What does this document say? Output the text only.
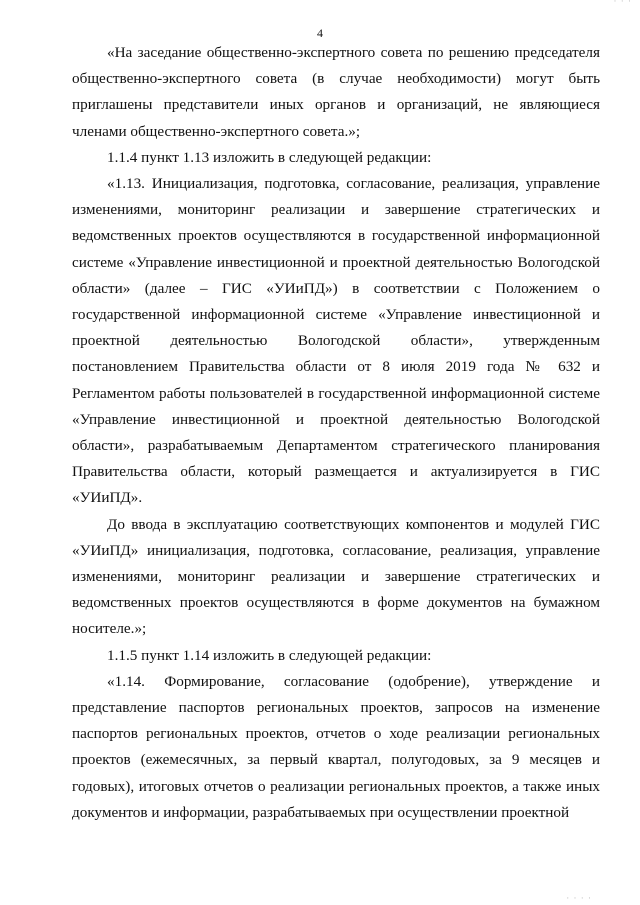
· · ·
4

«На заседание общественно-экспертного совета по решению председателя общественно-экспертного совета (в случае необходимости) могут быть приглашены представители иных органов и организаций, не являющиеся членами общественно-экспертного совета.»;

1.1.4 пункт 1.13 изложить в следующей редакции:

«1.13. Инициализация, подготовка, согласование, реализация, управление изменениями, мониторинг реализации и завершение стратегических и ведомственных проектов осуществляются в государственной информационной системе «Управление инвестиционной и проектной деятельностью Вологодской области» (далее – ГИС «УИиПД») в соответствии с Положением о государственной информационной системе «Управление инвестиционной и проектной деятельностью Вологодской области», утвержденным постановлением Правительства области от 8 июля 2019 года № 632 и Регламентом работы пользователей в государственной информационной системе «Управление инвестиционной и проектной деятельностью Вологодской области», разрабатываемым Департаментом стратегического планирования Правительства области, который размещается и актуализируется в ГИС «УИиПД».

До ввода в эксплуатацию соответствующих компонентов и модулей ГИС «УИиПД» инициализация, подготовка, согласование, реализация, управление изменениями, мониторинг реализации и завершение стратегических и ведомственных проектов осуществляются в форме документов на бумажном носителе.»;

1.1.5 пункт 1.14 изложить в следующей редакции:

«1.14. Формирование, согласование (одобрение), утверждение и представление паспортов региональных проектов, запросов на изменение паспортов региональных проектов, отчетов о ходе реализации региональных проектов (ежемесячных, за первый квартал, полугодовых, за 9 месяцев и годовых), итоговых отчетов о реализации региональных проектов, а также иных документов и информации, разрабатываемых при осуществлении проектной

· · · ·
